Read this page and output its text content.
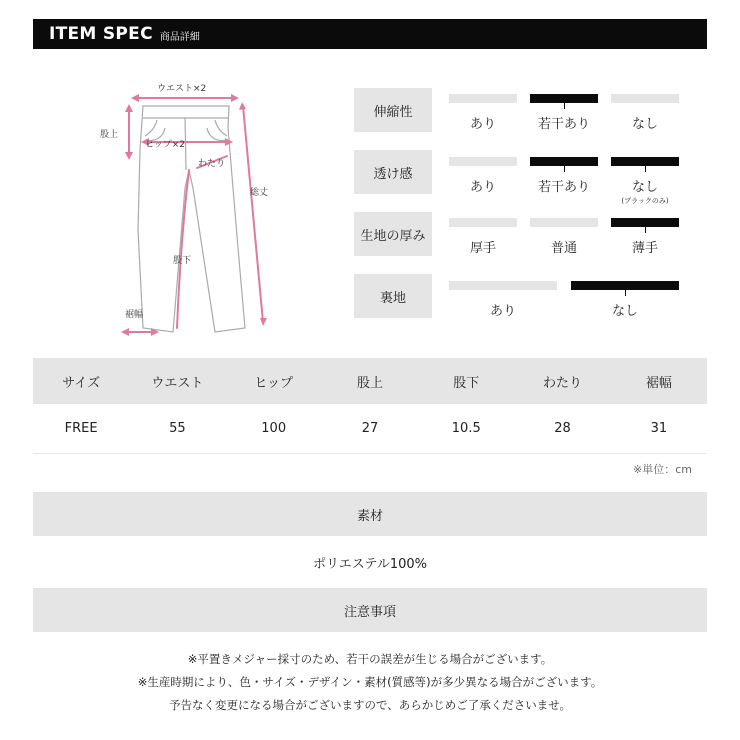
ITEM SPEC 商品詳細
ウエスト×2
ヒップ×2
股上
わたり
総丈
股下
裾幅
伸縮性
あり	若干あり	なし
透け感
あり	若干あり	なし
(ブラックのみ)
生地の厚み
厚手	普通	薄手
裏地
あり	なし
サイズ	ウエスト	ヒップ	股上	股下	わたり	裾幅
FREE	55	100	27	10.5	28	31
※単位：cm
素材
ポリエステル100%
注意事項
※平置きメジャー採寸のため、若干の誤差が生じる場合がございます。
※生産時期により、色・サイズ・デザイン・素材(質感等)が多少異なる場合がございます。
予告なく変更になる場合がございますので、あらかじめご了承くださいませ。
